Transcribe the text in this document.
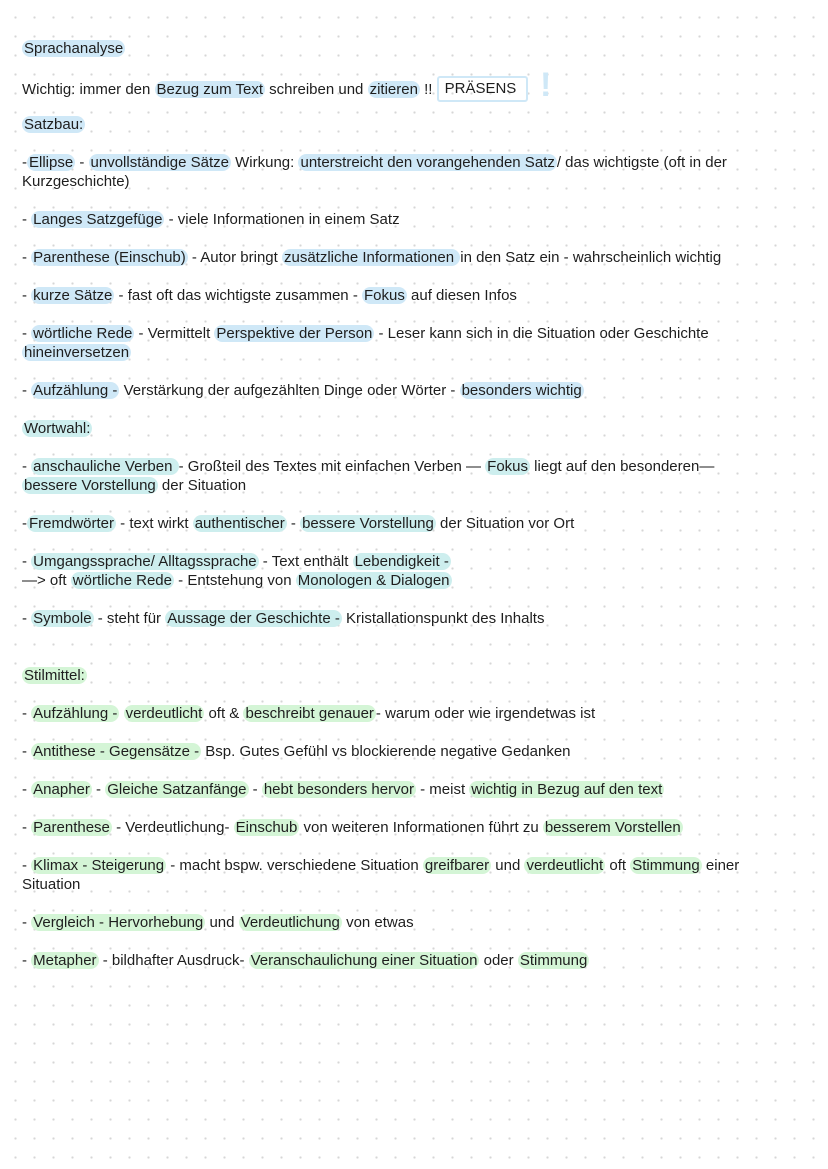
Sprachanalyse
Wichtig: immer den Bezug zum Text schreiben und zitieren !! PRÄSENS !
Satzbau:
- Ellipse - unvollständige Sätze Wirkung: unterstreicht den vorangehenden Satz / das wichtigste (oft in der
Kurzgeschichte)
- Langes Satzgefüge - viele Informationen in einem Satz
- Parenthese (Einschub) - Autor bringt zusätzliche Informationen in den Satz ein - wahrscheinlich wichtig
- kurze Sätze - fast oft das wichtigste zusammen - Fokus auf diesen Infos
- wörtliche Rede - Vermittelt Perspektive der Person - Leser kann sich in die Situation oder Geschichte
hineinversetzen
- Aufzählung - Verstärkung der aufgezählten Dinge oder Wörter - besonders wichtig
Wortwahl:
- anschauliche Verben - Großteil des Textes mit einfachen Verben — Fokus liegt auf den besonderen—
bessere Vorstellung der Situation
- Fremdwörter - text wirkt authentischer - bessere Vorstellung der Situation vor Ort
- Umgangssprache/ Alltagssprache - Text enthält Lebendigkeit -
—> oft wörtliche Rede - Entstehung von Monologen & Dialogen
- Symbole - steht für Aussage der Geschichte - Kristallationspunkt des Inhalts
Stilmittel:
- Aufzählung - verdeutlicht oft & beschreibt genauer - warum oder wie irgendetwas ist
- Antithese - Gegensätze - Bsp. Gutes Gefühl vs blockierende negative Gedanken
- Anapher - Gleiche Satzanfänge - hebt besonders hervor - meist wichtig in Bezug auf den text
- Parenthese - Verdeutlichung- Einschub von weiteren Informationen führt zu besserem Vorstellen
- Klimax - Steigerung - macht bspw. verschiedene Situation greifbarer und verdeutlicht oft Stimmung einer
Situation
- Vergleich - Hervorhebung und Verdeutlichung von etwas
- Metapher - bildhafter Ausdruck- Veranschaulichung einer Situation oder Stimmung
